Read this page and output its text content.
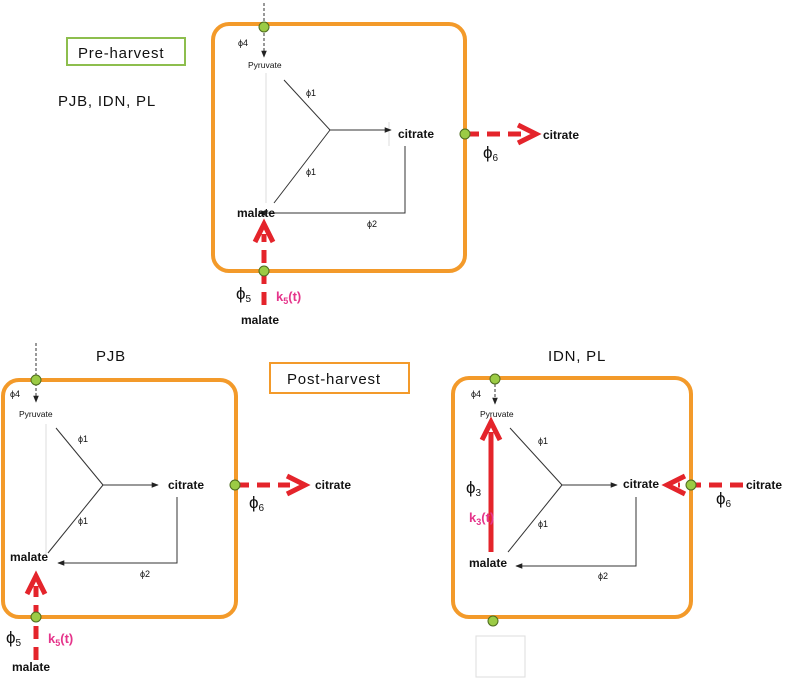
Pre-harvest
Post-harvest
PJB, IDN, PL
ϕ4
Pyruvate
ϕ1
ϕ1
citrate
ϕ2
malate
ϕ6
citrate
ϕ5 k5(t)
malate
PJB
ϕ4
Pyruvate
ϕ1
ϕ1
citrate
ϕ2
malate
ϕ6
citrate
ϕ5 k5(t)
malate
IDN, PL
ϕ4
Pyruvate
ϕ3
k3(t)
ϕ1
ϕ1
citrate
ϕ2
malate
ϕ6
citrate
